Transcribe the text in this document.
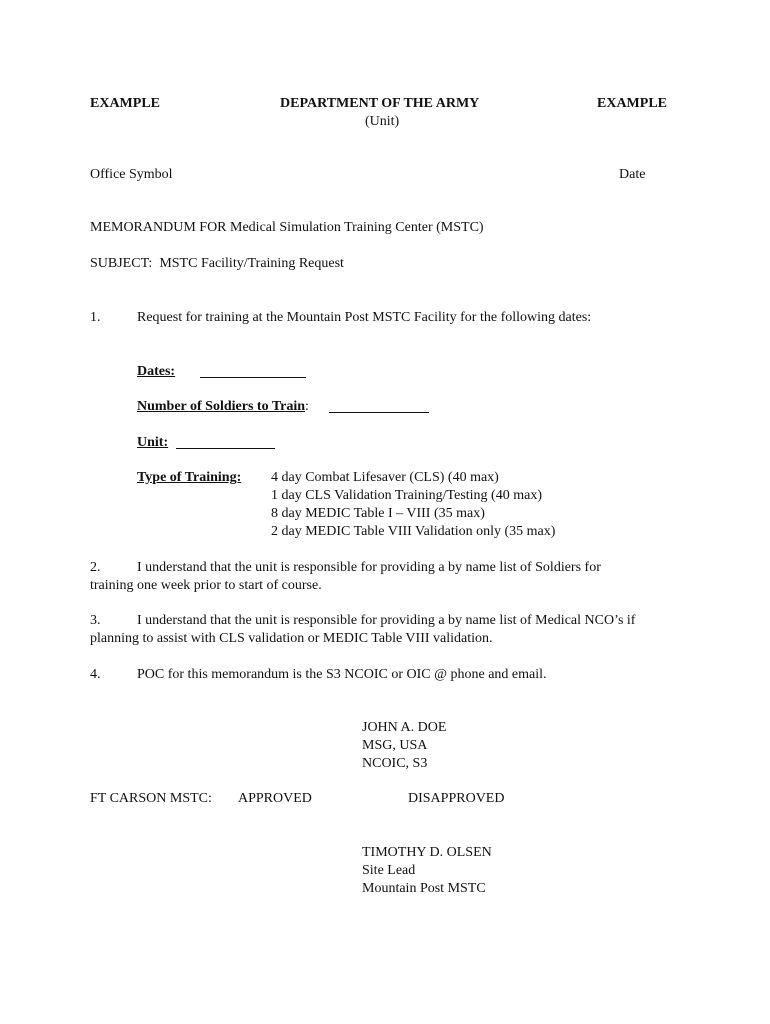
EXAMPLE	DEPARTMENT OF THE ARMY
(Unit)
EXAMPLE
Office Symbol	Date
MEMORANDUM FOR Medical Simulation Training Center (MSTC)
SUBJECT:  MSTC Facility/Training Request
1.	Request for training at the Mountain Post MSTC Facility for the following dates:
Dates:
Number of Soldiers to Train:
Unit:
Type of Training: 4 day Combat Lifesaver (CLS) (40 max)
1 day CLS Validation Training/Testing (40 max)
8 day MEDIC Table I – VIII (35 max)
2 day MEDIC Table VIII Validation only (35 max)
2.	I understand that the unit is responsible for providing a by name list of Soldiers for
training one week prior to start of course.
3.	I understand that the unit is responsible for providing a by name list of Medical NCO’s if
planning to assist with CLS validation or MEDIC Table VIII validation.
4.	POC for this memorandum is the S3 NCOIC or OIC @ phone and email.
JOHN A. DOE
MSG, USA
NCOIC, S3
FT CARSON MSTC: APPROVED	DISAPPROVED
TIMOTHY D. OLSEN
Site Lead
Mountain Post MSTC
